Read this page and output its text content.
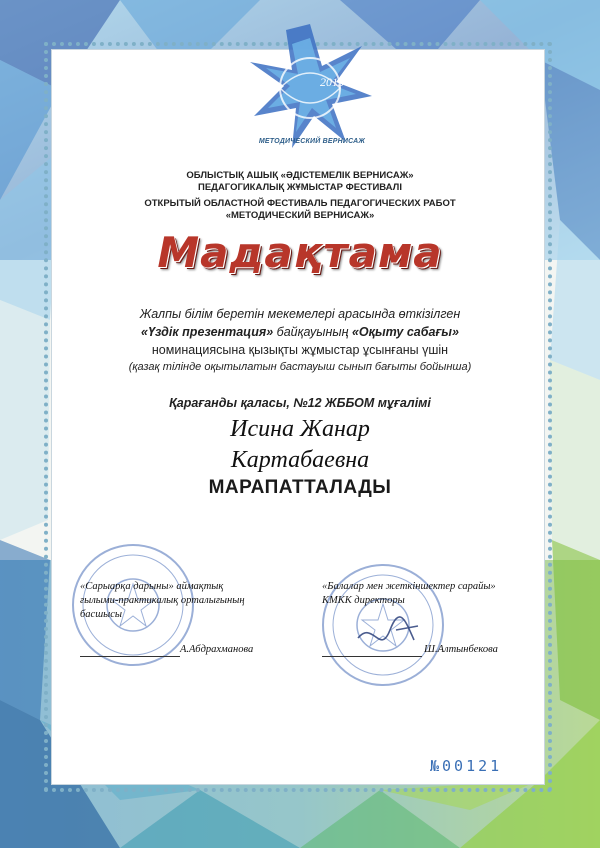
2015
МЕТОДИЧЕСКИЙ ВЕРНИСАЖ
ОБЛЫСТЫҚ АШЫҚ «ӘДІСТЕМЕЛІК ВЕРНИСАЖ»
ПЕДАГОГИКАЛЫҚ ЖҰМЫСТАР ФЕСТИВАЛІ
ОТКРЫТЫЙ ОБЛАСТНОЙ ФЕСТИВАЛЬ ПЕДАГОГИЧЕСКИХ РАБОТ
«МЕТОДИЧЕСКИЙ ВЕРНИСАЖ»
Мадақтама
Жалпы білім беретін мекемелері арасында өткізілген
«Үздік презентация» байқауының «Оқыту сабағы»
номинациясына қызықты жұмыстар ұсынғаны үшін
(қазақ тілінде оқытылатын бастауыш сынып бағыты бойынша)
Қарағанды қаласы, №12 ЖББОМ мұғалімі
Исина Жанар
Картабаевна
МАРАПАТТАЛАДЫ
«Сарыарқа дарыны» аймақтық
ғылыми-практикалық орталығының
басшысы
А.Абдрахманова
«Балалар мен жеткіншектер сарайы»
КМКК директоры
Ш.Алтынбекова
№00121
